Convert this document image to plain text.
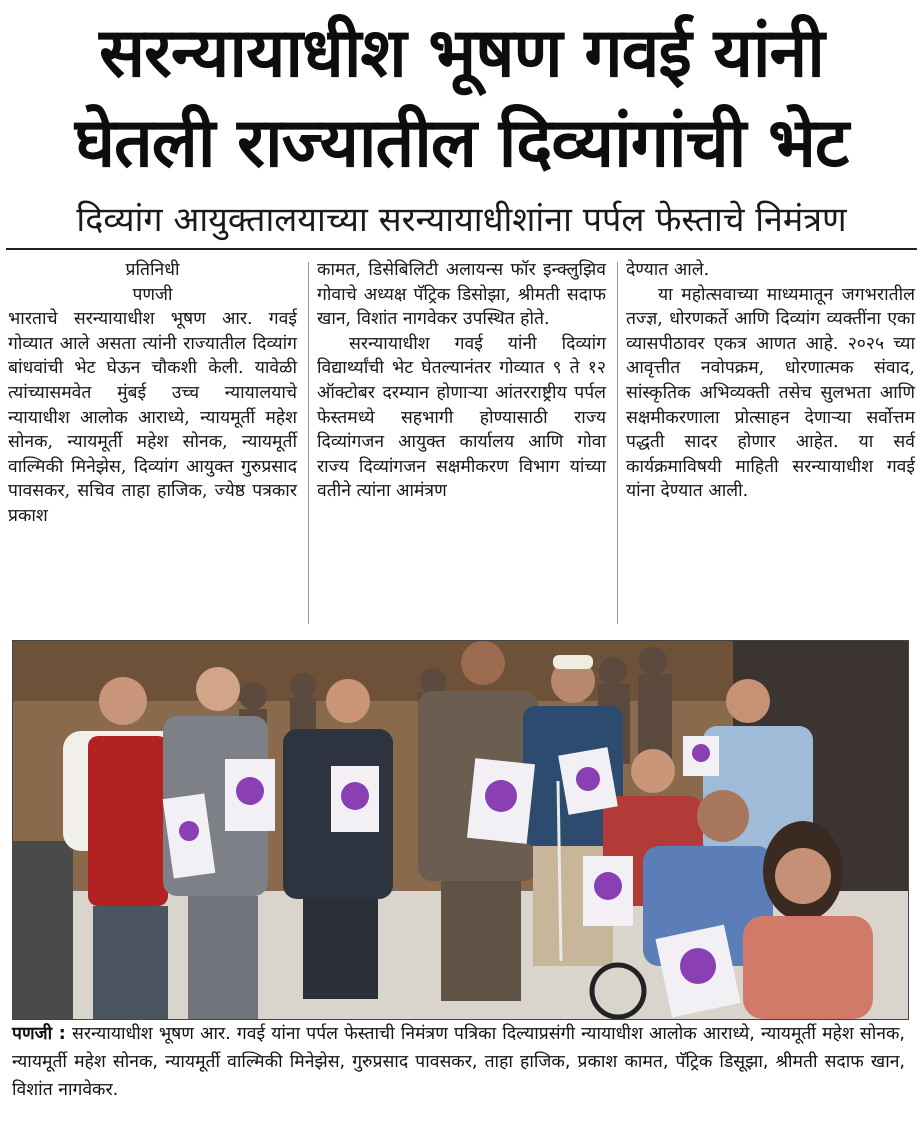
सरन्यायाधीश भूषण गवई यांनी
घेतली राज्यातील दिव्यांगांची भेट
दिव्यांग आयुक्तालयाच्या सरन्यायाधीशांना पर्पल फेस्ताचे निमंत्रण
प्रतिनिधी
पणजी

भारताचे सरन्यायाधीश भूषण आर. गवई गोव्यात आले असता त्यांनी राज्यातील दिव्यांग बांधवांची भेट घेऊन चौकशी केली. यावेळी त्यांच्यासमवेत मुंबई उच्च न्यायालयाचे न्यायाधीश आलोक आराध्ये, न्यायमूर्ती महेश सोनक, न्यायमूर्ती महेश सोनक, न्यायमूर्ती वाल्मिकी मिनेझेस, दिव्यांग आयुक्त गुरुप्रसाद पावसकर, सचिव ताहा हाजिक, ज्येष्ठ पत्रकार प्रकाश

कामत, डिसेबिलिटी अलायन्स फॉर इन्क्लुझिव गोवाचे अध्यक्ष पॅट्रिक डिसोझा, श्रीमती सदाफ खान, विशांत नागवेकर उपस्थित होते.

सरन्यायाधीश गवई यांनी दिव्यांग विद्यार्थ्यांची भेट घेतल्यानंतर गोव्यात ९ ते १२ ऑक्टोबर दरम्यान होणाऱ्या आंतरराष्ट्रीय पर्पल फेस्तमध्ये सहभागी होण्यासाठी राज्य दिव्यांगजन आयुक्त कार्यालय आणि गोवा राज्य दिव्यांगजन सक्षमीकरण विभाग यांच्या वतीने त्यांना आमंत्रण

देण्यात आले.

या महोत्सवाच्या माध्यमातून जगभरातील तज्ज्ञ, धोरणकर्ते आणि दिव्यांग व्यक्तींना एका व्यासपीठावर एकत्र आणत आहे. २०२५ च्या आवृत्तीत नवोपक्रम, धोरणात्मक संवाद, सांस्कृतिक अभिव्यक्ती तसेच सुलभता आणि सक्षमीकरणाला प्रोत्साहन देणाऱ्या सर्वोत्तम पद्धती सादर होणार आहेत. या सर्व कार्यक्रमाविषयी माहिती सरन्यायाधीश गवई यांना देण्यात आली.

पणजी : सरन्यायाधीश भूषण आर. गवई यांना पर्पल फेस्ताची निमंत्रण पत्रिका दिल्याप्रसंगी न्यायाधीश आलोक आराध्ये, न्यायमूर्ती महेश सोनक, न्यायमूर्ती महेश सोनक, न्यायमूर्ती वाल्मिकी मिनेझेस, गुरुप्रसाद पावसकर, ताहा हाजिक, प्रकाश कामत, पॅट्रिक डिसूझा, श्रीमती सदाफ खान, विशांत नागवेकर.
